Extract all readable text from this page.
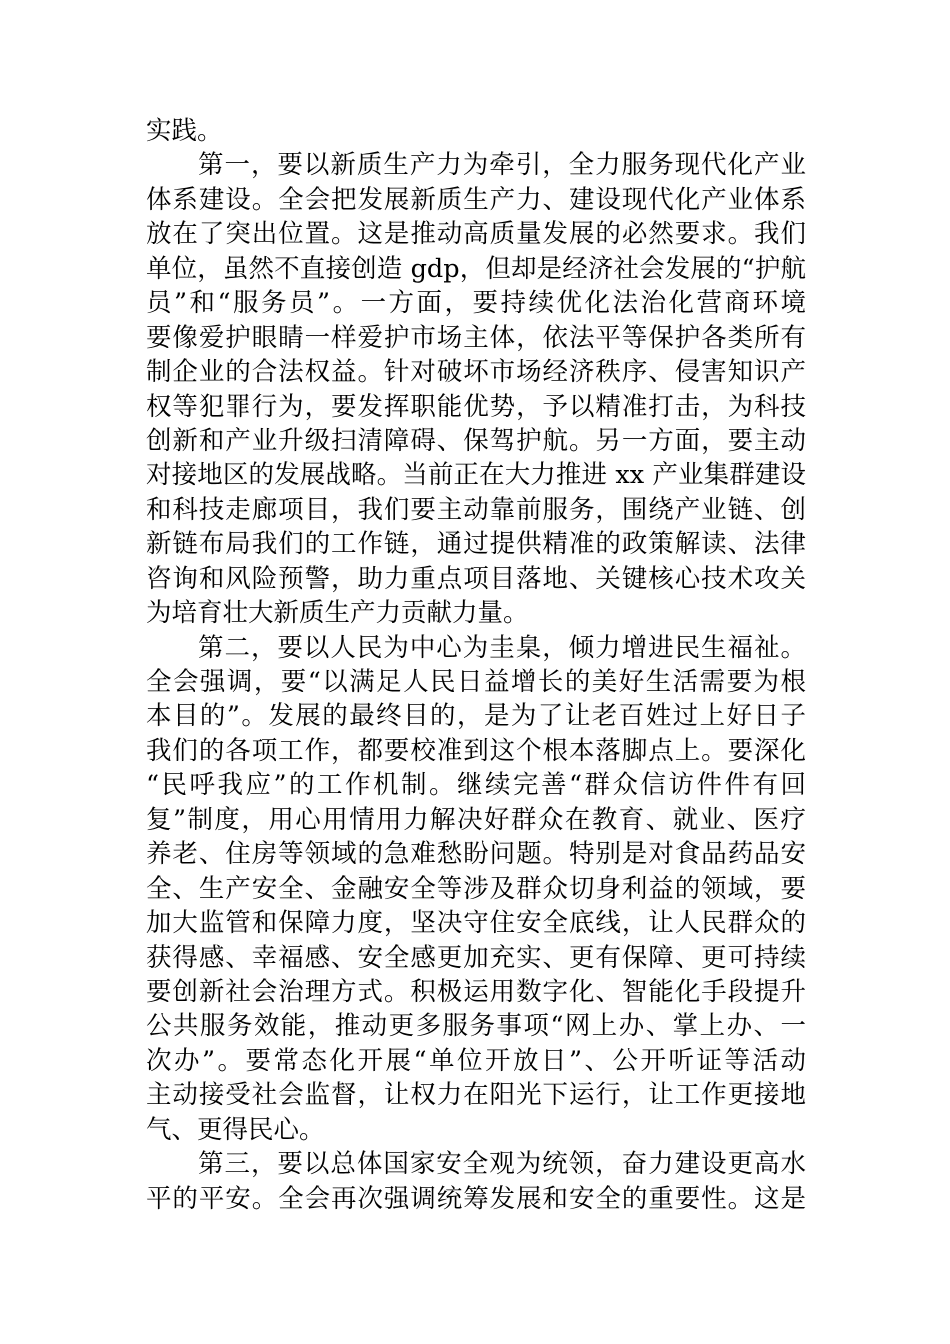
实践。
第一，要以新质生产力为牵引，全力服务现代化产业
体系建设。全会把发展新质生产力、建设现代化产业体系
放在了突出位置。这是推动高质量发展的必然要求。我们
单位，虽然不直接创造 gdp，但却是经济社会发展的“护航
员”和“服务员”。一方面，要持续优化法治化营商环境
要像爱护眼睛一样爱护市场主体，依法平等保护各类所有
制企业的合法权益。针对破坏市场经济秩序、侵害知识产
权等犯罪行为，要发挥职能优势，予以精准打击，为科技
创新和产业升级扫清障碍、保驾护航。另一方面，要主动
对接地区的发展战略。当前正在大力推进 xx 产业集群建设
和科技走廊项目，我们要主动靠前服务，围绕产业链、创
新链布局我们的工作链，通过提供精准的政策解读、法律
咨询和风险预警，助力重点项目落地、关键核心技术攻关
为培育壮大新质生产力贡献力量。
第二，要以人民为中心为圭臬，倾力增进民生福祉。
全会强调，要“以满足人民日益增长的美好生活需要为根
本目的”。发展的最终目的，是为了让老百姓过上好日子
我们的各项工作，都要校准到这个根本落脚点上。要深化
“民呼我应”的工作机制。继续完善“群众信访件件有回
复”制度，用心用情用力解决好群众在教育、就业、医疗
养老、住房等领域的急难愁盼问题。特别是对食品药品安
全、生产安全、金融安全等涉及群众切身利益的领域，要
加大监管和保障力度，坚决守住安全底线，让人民群众的
获得感、幸福感、安全感更加充实、更有保障、更可持续
要创新社会治理方式。积极运用数字化、智能化手段提升
公共服务效能，推动更多服务事项“网上办、掌上办、一
次办”。要常态化开展“单位开放日”、公开听证等活动
主动接受社会监督，让权力在阳光下运行，让工作更接地
气、更得民心。
第三，要以总体国家安全观为统领，奋力建设更高水
平的平安。全会再次强调统筹发展和安全的重要性。这是
